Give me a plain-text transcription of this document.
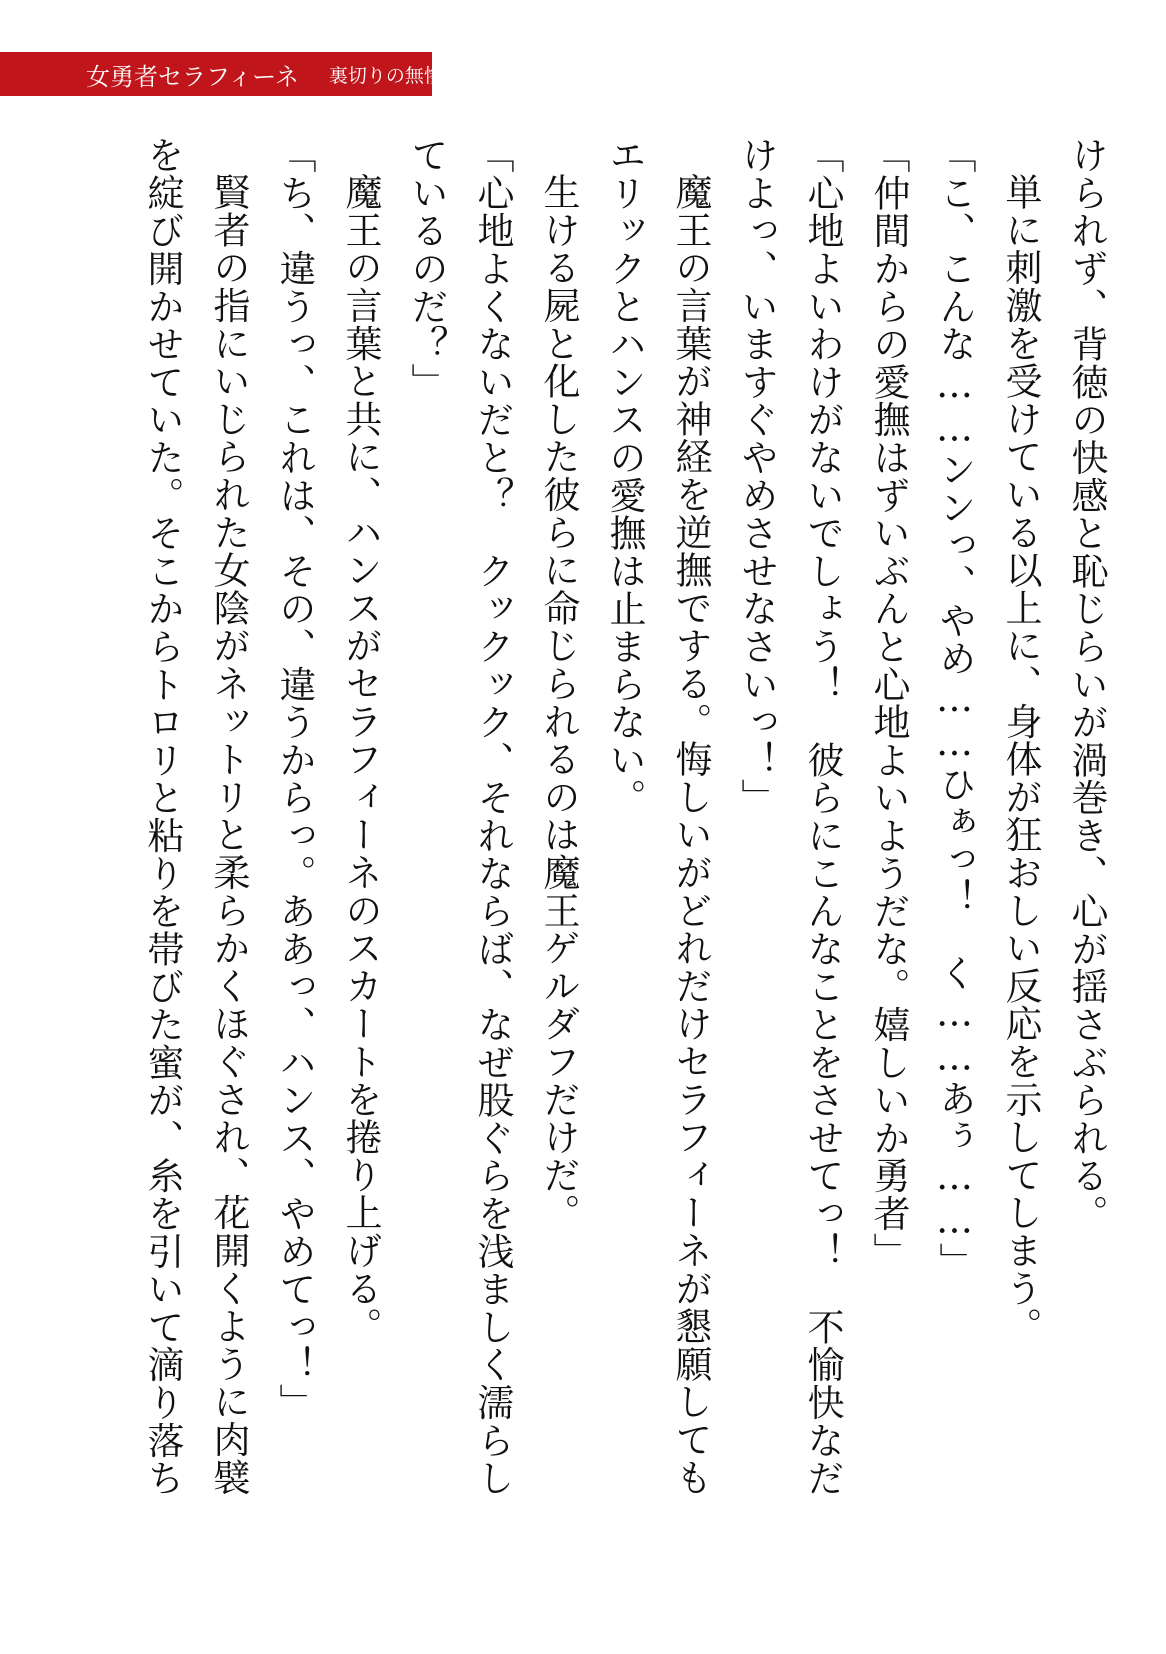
女勇者セラフィーネ 裏切りの無惨劇
けられず、背徳の快感と恥じらいが渦巻き、心が揺さぶられる。
単に刺激を受けている以上に、身体が狂おしい反応を示してしまう。
「こ、こんな……ンンっ、やめ……ひぁっ！　く……あぅ……」
「仲間からの愛撫はずいぶんと心地よいようだな。嬉しいか勇者」
「心地よいわけがないでしょう！　彼らにこんなことをさせてっ！　不愉快なだ
けよっ、いますぐやめさせなさいっ！」
魔王の言葉が神経を逆撫でする。悔しいがどれだけセラフィーネが懇願しても
エリックとハンスの愛撫は止まらない。
生ける屍と化した彼らに命じられるのは魔王ゲルダフだけだ。
「心地よくないだと？　クックック、それならば、なぜ股ぐらを浅ましく濡らし
ているのだ？」
魔王の言葉と共に、ハンスがセラフィーネのスカートを捲り上げる。
「ち、違うっ、これは、その、違うからっ。ああっ、ハンス、やめてっ！」
賢者の指にいじられた女陰がネットリと柔らかくほぐされ、花開くように肉襞
を綻び開かせていた。そこからトロリと粘りを帯びた蜜が、糸を引いて滴り落ち
